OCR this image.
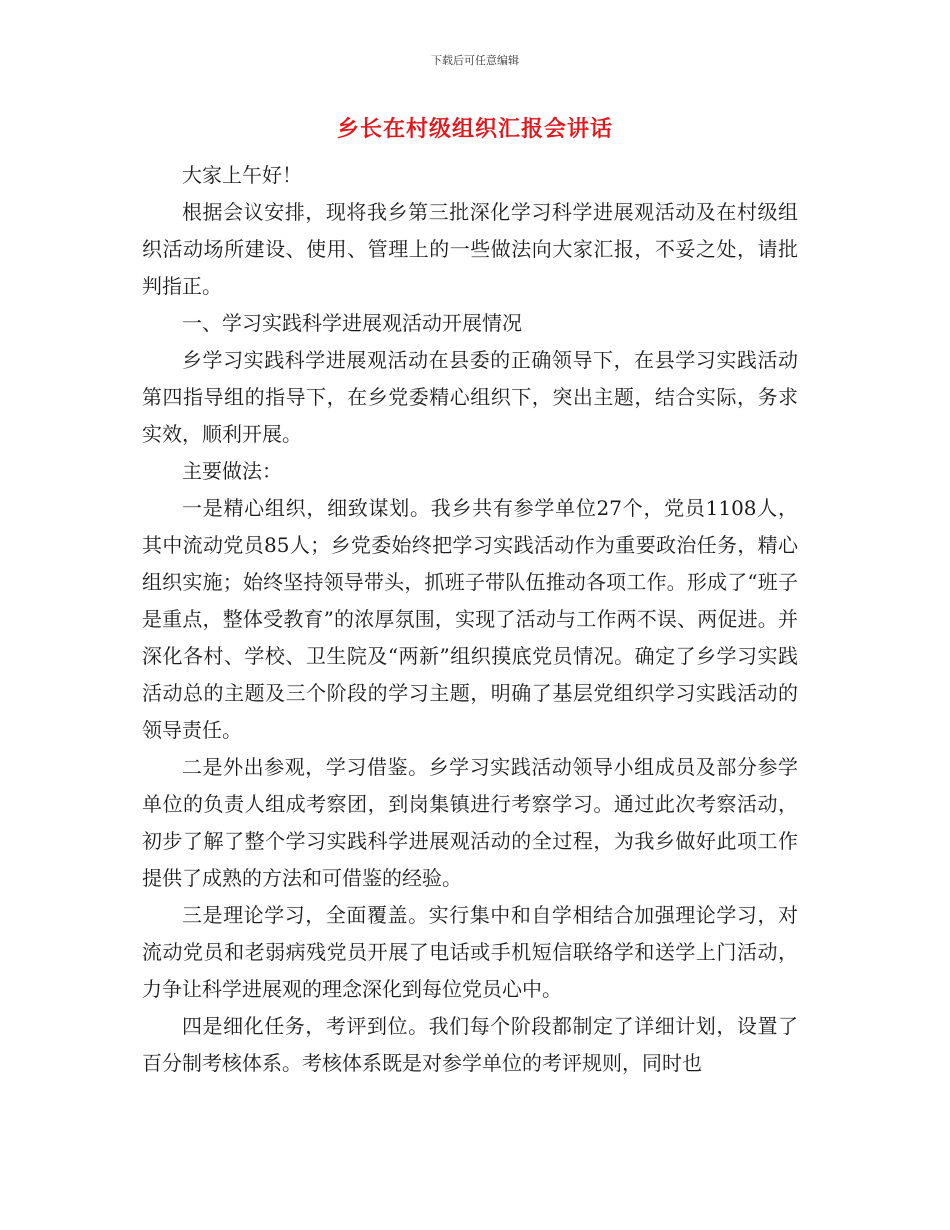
下载后可任意编辑
乡长在村级组织汇报会讲话

大家上午好！

根据会议安排，现将我乡第三批深化学习科学进展观活动及在村级组织活动场所建设、使用、管理上的一些做法向大家汇报，不妥之处，请批判指正。

一、学习实践科学进展观活动开展情况

乡学习实践科学进展观活动在县委的正确领导下，在县学习实践活动第四指导组的指导下，在乡党委精心组织下，突出主题，结合实际，务求实效，顺利开展。

主要做法：

一是精心组织，细致谋划。我乡共有参学单位27个，党员1108人，其中流动党员85人；乡党委始终把学习实践活动作为重要政治任务，精心组织实施；始终坚持领导带头，抓班子带队伍推动各项工作。形成了“班子是重点，整体受教育”的浓厚氛围，实现了活动与工作两不误、两促进。并深化各村、学校、卫生院及“两新”组织摸底党员情况。确定了乡学习实践活动总的主题及三个阶段的学习主题，明确了基层党组织学习实践活动的领导责任。

二是外出参观，学习借鉴。乡学习实践活动领导小组成员及部分参学单位的负责人组成考察团，到岗集镇进行考察学习。通过此次考察活动，初步了解了整个学习实践科学进展观活动的全过程，为我乡做好此项工作提供了成熟的方法和可借鉴的经验。

三是理论学习，全面覆盖。实行集中和自学相结合加强理论学习，对流动党员和老弱病残党员开展了电话或手机短信联络学和送学上门活动，力争让科学进展观的理念深化到每位党员心中。

四是细化任务，考评到位。我们每个阶段都制定了详细计划，设置了百分制考核体系。考核体系既是对参学单位的考评规则，同时也
